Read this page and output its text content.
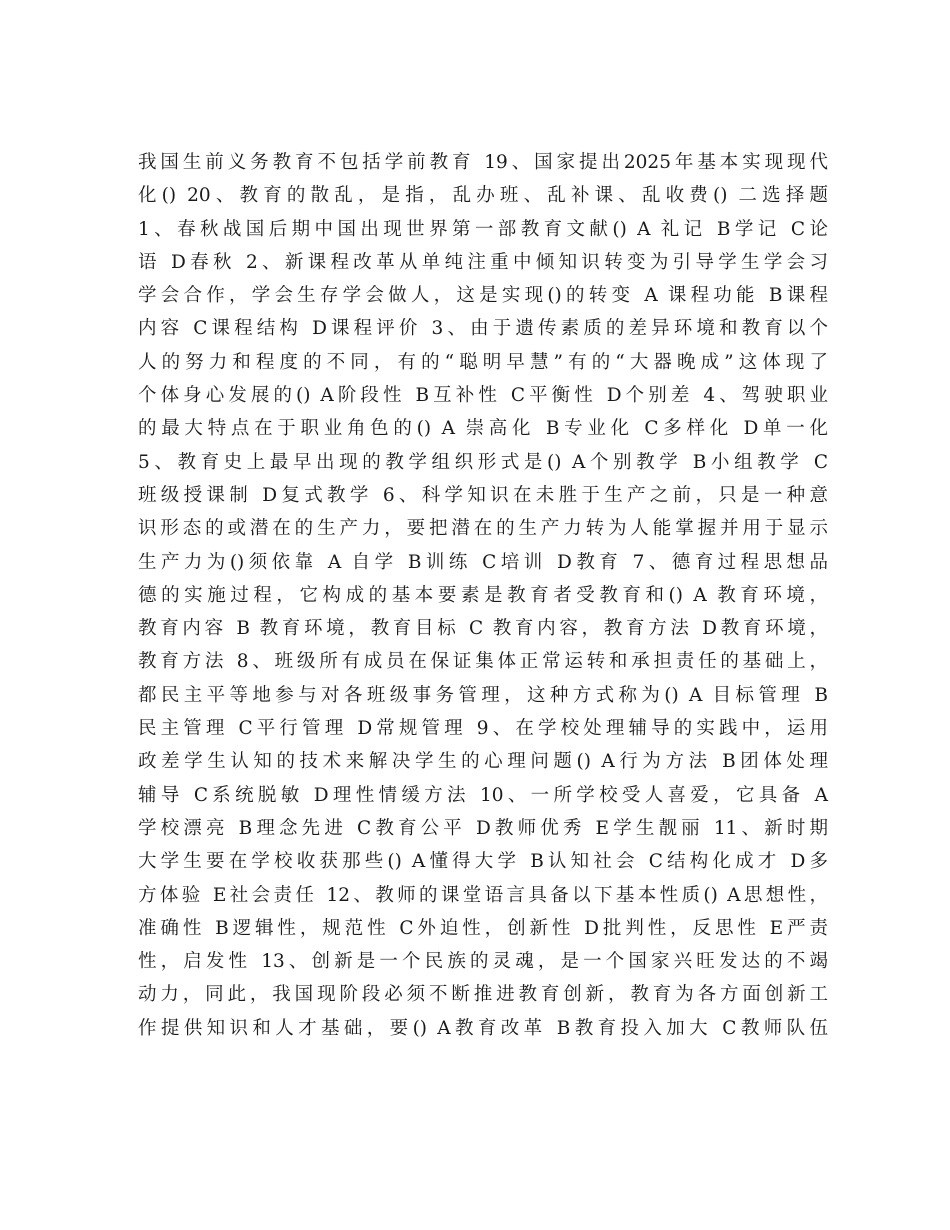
我国生前义务教育不包括学前教育 19、国家提出2025年基本实现现代
化() 20、教育的散乱，是指，乱办班、乱补课、乱收费() 二选择题
1、春秋战国后期中国出现世界第一部教育文献() A 礼记 B学记 C论
语 D春秋 2、新课程改革从单纯注重中倾知识转变为引导学生学会习
学会合作，学会生存学会做人，这是实现()的转变 A 课程功能 B课程
内容 C课程结构 D课程评价 3、由于遗传素质的差异环境和教育以个
人的努力和程度的不同，有的“聪明早慧”有的“大器晚成”这体现了
个体身心发展的() A阶段性 B互补性 C平衡性 D个别差 4、驾驶职业
的最大特点在于职业角色的() A 崇高化 B专业化 C多样化 D单一化
5、教育史上最早出现的教学组织形式是() A个别教学 B小组教学 C
班级授课制 D复式教学 6、科学知识在未胜于生产之前，只是一种意
识形态的或潜在的生产力，要把潜在的生产力转为人能掌握并用于显示
生产力为()须依靠 A 自学 B训练 C培训 D教育 7、德育过程思想品
德的实施过程，它构成的基本要素是教育者受教育和() A 教育环境，
教育内容 B 教育环境，教育目标 C 教育内容，教育方法 D教育环境，
教育方法 8、班级所有成员在保证集体正常运转和承担责任的基础上，
都民主平等地参与对各班级事务管理，这种方式称为() A 目标管理 B
民主管理 C平行管理 D常规管理 9、在学校处理辅导的实践中，运用
政差学生认知的技术来解决学生的心理问题() A行为方法 B团体处理
辅导 C系统脱敏 D理性情缓方法 10、一所学校受人喜爱，它具备 A
学校漂亮 B理念先进 C教育公平 D教师优秀 E学生靓丽 11、新时期
大学生要在学校收获那些() A懂得大学 B认知社会 C结构化成才 D多
方体验 E社会责任 12、教师的课堂语言具备以下基本性质() A思想性，
准确性 B逻辑性，规范性 C外迫性，创新性 D批判性，反思性 E严责
性，启发性 13、创新是一个民族的灵魂，是一个国家兴旺发达的不竭
动力，同此，我国现阶段必须不断推进教育创新，教育为各方面创新工
作提供知识和人才基础，要() A教育改革 B教育投入加大 C教师队伍
